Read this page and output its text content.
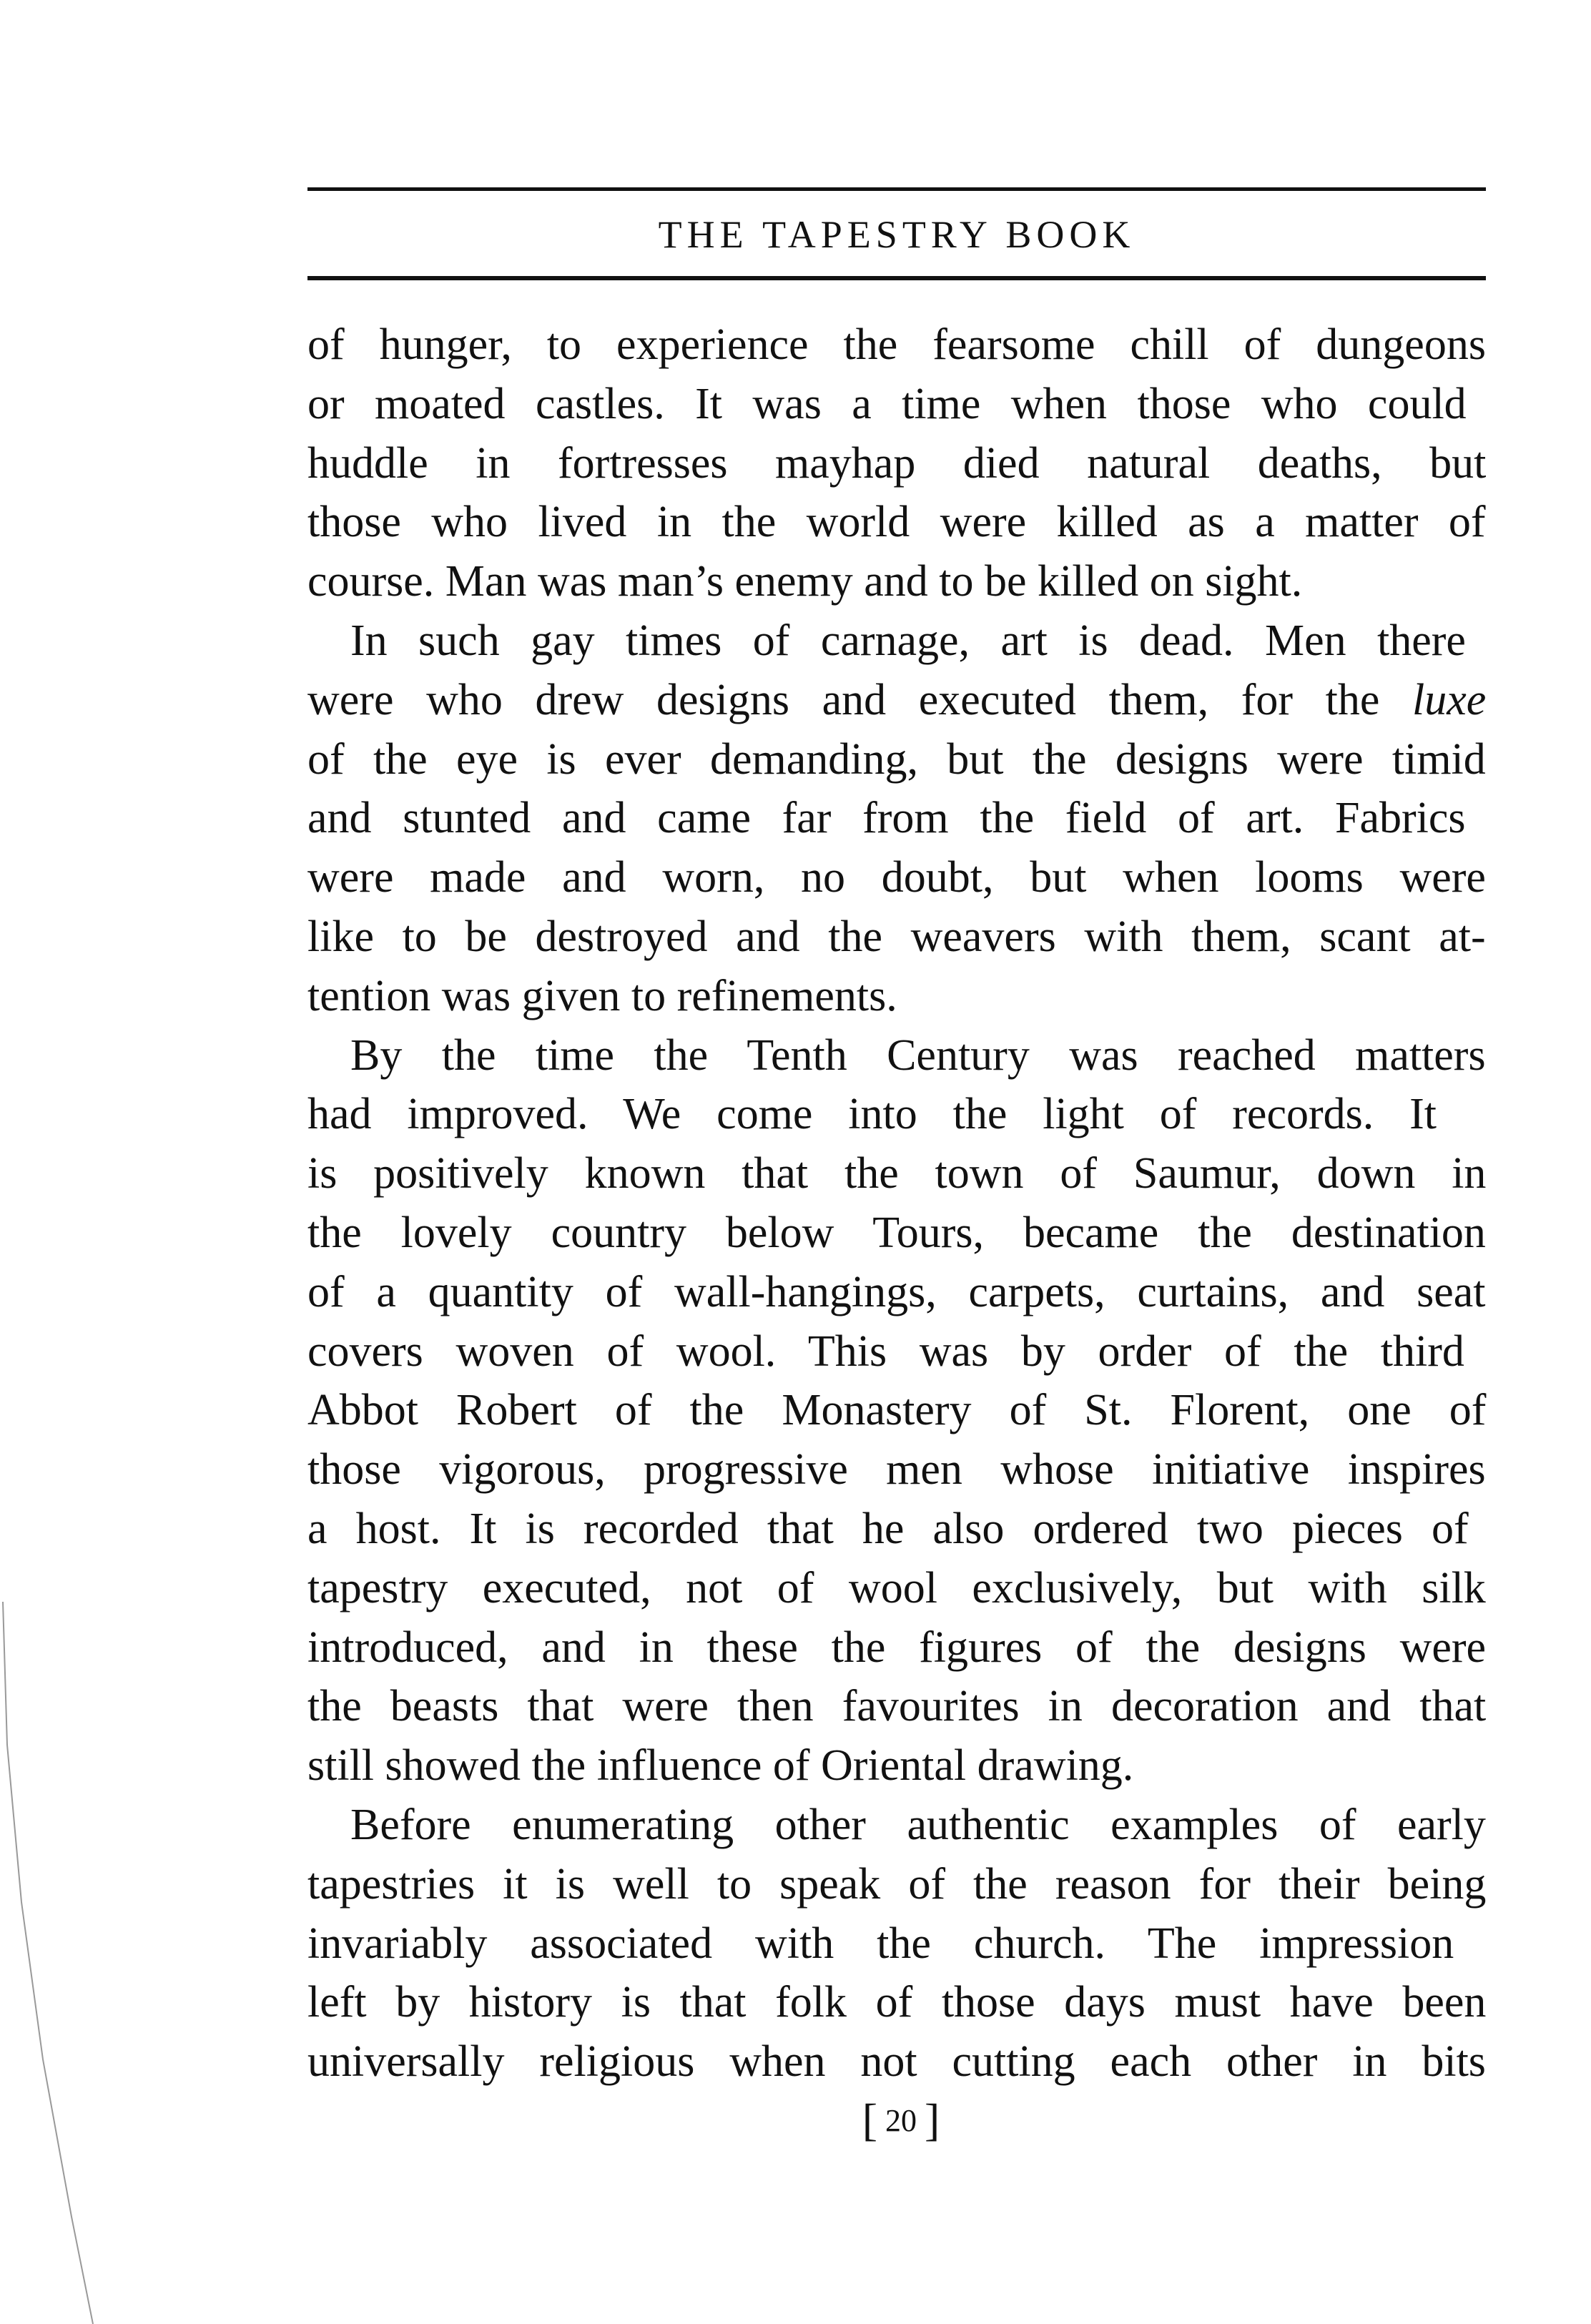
THE TAPESTRY BOOK
of hunger, to experience the fearsome chill of dungeons
or moated castles. It was a time when those who could
huddle in fortresses mayhap died natural deaths, but
those who lived in the world were killed as a matter of
course. Man was man’s enemy and to be killed on sight.
In such gay times of carnage, art is dead. Men there
were who drew designs and executed them, for the luxe
of the eye is ever demanding, but the designs were timid
and stunted and came far from the field of art. Fabrics
were made and worn, no doubt, but when looms were
like to be destroyed and the weavers with them, scant at-
tention was given to refinements.
By the time the Tenth Century was reached matters
had improved. We come into the light of records. It
is positively known that the town of Saumur, down in
the lovely country below Tours, became the destination
of a quantity of wall-hangings, carpets, curtains, and seat
covers woven of wool. This was by order of the third
Abbot Robert of the Monastery of St. Florent, one of
those vigorous, progressive men whose initiative inspires
a host. It is recorded that he also ordered two pieces of
tapestry executed, not of wool exclusively, but with silk
introduced, and in these the figures of the designs were
the beasts that were then favourites in decoration and that
still showed the influence of Oriental drawing.
Before enumerating other authentic examples of early
tapestries it is well to speak of the reason for their being
invariably associated with the church. The impression
left by history is that folk of those days must have been
universally religious when not cutting each other in bits
[ 20 ]
